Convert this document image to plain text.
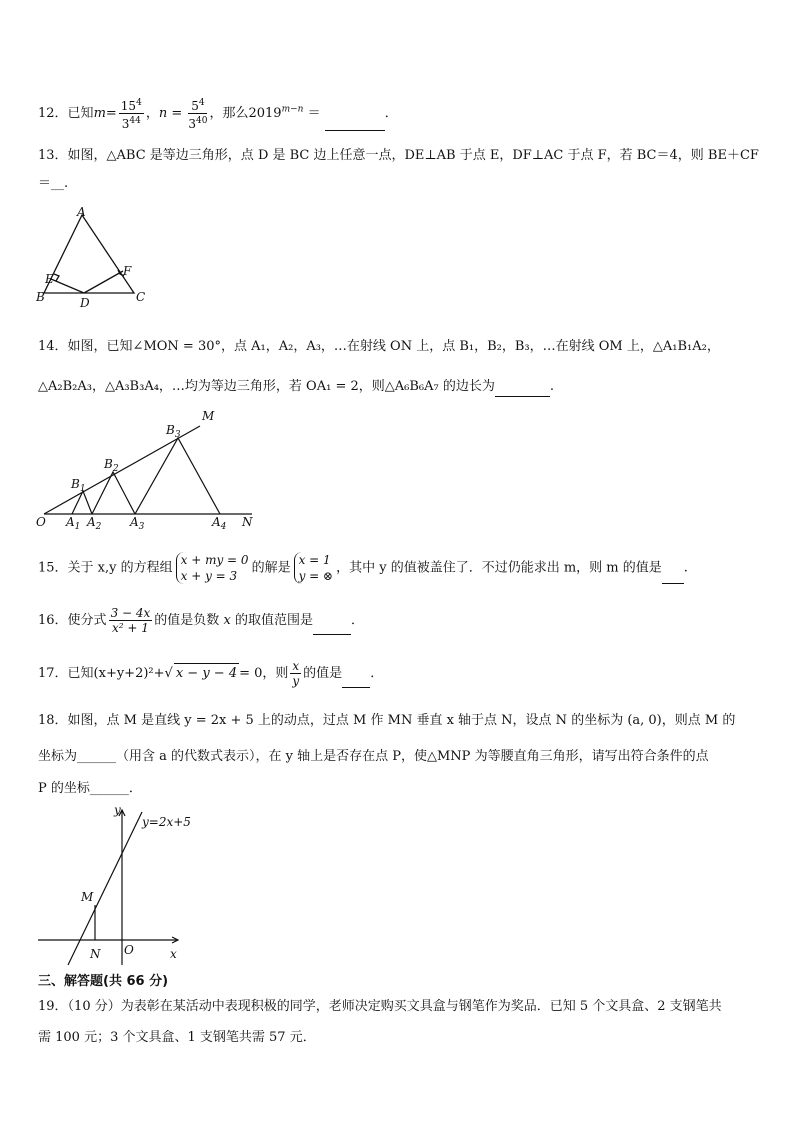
12．已知$m= \frac{15^4}{3^{44}}$ ，$n = \frac{5^4}{3^{40}}$ ，那么$2019^{m-n}$ ＝	．
13．如图，△ABC 是等边三角形，点 D 是 BC 边上任意一点，DE⊥AB 于点 E，DF⊥AC 于点 F，若 BC＝4，则 BE＋CF
＝__.
A
E
F
B	D	C
14．如图，已知∠MON = 30°，点 A₁，A₂，A₃，…在射线 ON 上，点 B₁，B₂，B₃，…在射线 OM 上，△A₁B₁A₂，
△A₂B₂A₃，△A₃B₃A₄，…均为等边三角形，若 OA₁ = 2，则△A₆B₆A₇ 的边长为	.
M
O	N
$B_1$
$B_2$
$B_3$
$A_1$ $A_2$ $A_3$	$A_4$
15．关于 x,y 的方程组
x + my = 0
x + y = 3
的解是
x = 1
y = ⊗
，其中 y 的值被盖住了．不过仍能求出 m，则 m 的值是 .
16．使分式 $\frac{3 - 4x}{\text{x² + 1}}$ 的值是负数 x 的取值范围是	．
17．已知(x+y+2)²+√ x − y − 4 = 0，则 $\frac{x}{y}$ 的值是 ．
18．如图，点 M 是直线 y = 2x + 5 上的动点，过点 M 作 MN 垂直 x 轴于点 N，设点 N 的坐标为 (a, 0)，则点 M 的
坐标为______（用含 a 的代数式表示），在 y 轴上是否存在点 P，使△MNP 为等腰直角三角形，请写出符合条件的点
P 的坐标______．
y
y=2x+5
M
N O	x
三、解答题(共 66 分)
19．（10 分）为表彰在某活动中表现积极的同学，老师决定购买文具盒与钢笔作为奖品．已知 5 个文具盒、2 支钢笔共
需 100 元；3 个文具盒、1 支钢笔共需 57 元．
